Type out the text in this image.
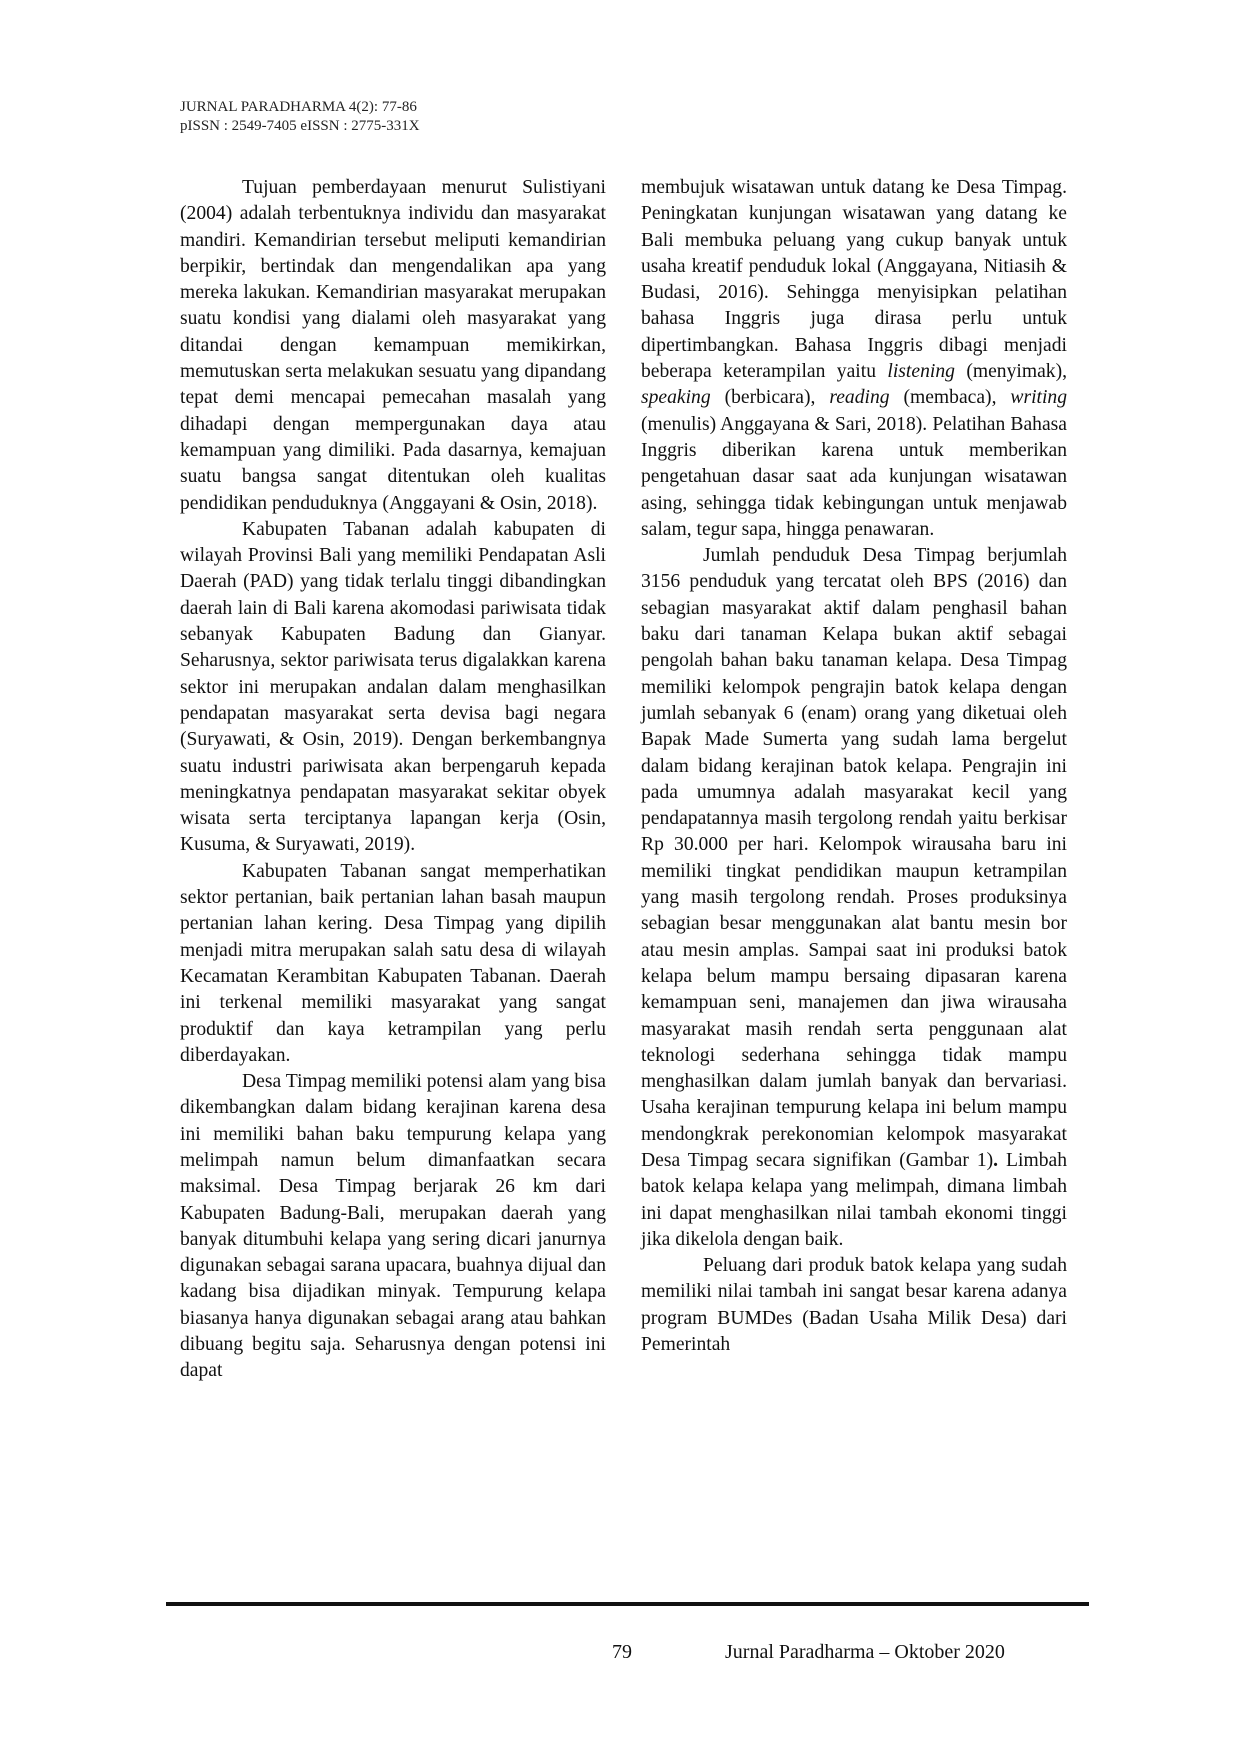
JURNAL PARADHARMA 4(2): 77-86
pISSN : 2549-7405 eISSN : 2775-331X

Tujuan pemberdayaan menurut Sulistiyani (2004) adalah terbentuknya individu dan masyarakat mandiri. Kemandirian tersebut meliputi kemandirian berpikir, bertindak dan mengendalikan apa yang mereka lakukan. Kemandirian masyarakat merupakan suatu kondisi yang dialami oleh masyarakat yang ditandai dengan kemampuan memikirkan, memutuskan serta melakukan sesuatu yang dipandang tepat demi mencapai pemecahan masalah yang dihadapi dengan mempergunakan daya atau kemampuan yang dimiliki. Pada dasarnya, kemajuan suatu bangsa sangat ditentukan oleh kualitas pendidikan penduduknya (Anggayani & Osin, 2018).

Kabupaten Tabanan adalah kabupaten di wilayah Provinsi Bali yang memiliki Pendapatan Asli Daerah (PAD) yang tidak terlalu tinggi dibandingkan daerah lain di Bali karena akomodasi pariwisata tidak sebanyak Kabupaten Badung dan Gianyar. Seharusnya, sektor pariwisata terus digalakkan karena sektor ini merupakan andalan dalam menghasilkan pendapatan masyarakat serta devisa bagi negara (Suryawati, & Osin, 2019). Dengan berkembangnya suatu industri pariwisata akan berpengaruh kepada meningkatnya pendapatan masyarakat sekitar obyek wisata serta terciptanya lapangan kerja (Osin, Kusuma, & Suryawati, 2019).

Kabupaten Tabanan sangat memperhatikan sektor pertanian, baik pertanian lahan basah maupun pertanian lahan kering. Desa Timpag yang dipilih menjadi mitra merupakan salah satu desa di wilayah Kecamatan Kerambitan Kabupaten Tabanan. Daerah ini terkenal memiliki masyarakat yang sangat produktif dan kaya ketrampilan yang perlu diberdayakan.

Desa Timpag memiliki potensi alam yang bisa dikembangkan dalam bidang kerajinan karena desa ini memiliki bahan baku tempurung kelapa yang melimpah namun belum dimanfaatkan secara maksimal. Desa Timpag berjarak 26 km dari Kabupaten Badung-Bali, merupakan daerah yang banyak ditumbuhi kelapa yang sering dicari janurnya digunakan sebagai sarana upacara, buahnya dijual dan kadang bisa dijadikan minyak. Tempurung kelapa biasanya hanya digunakan sebagai arang atau bahkan dibuang begitu saja. Seharusnya dengan potensi ini dapat

membujuk wisatawan untuk datang ke Desa Timpag. Peningkatan kunjungan wisatawan yang datang ke Bali membuka peluang yang cukup banyak untuk usaha kreatif penduduk lokal (Anggayana, Nitiasih & Budasi, 2016). Sehingga menyisipkan pelatihan bahasa Inggris juga dirasa perlu untuk dipertimbangkan. Bahasa Inggris dibagi menjadi beberapa keterampilan yaitu listening (menyimak), speaking (berbicara), reading (membaca), writing (menulis) Anggayana & Sari, 2018). Pelatihan Bahasa Inggris diberikan karena untuk memberikan pengetahuan dasar saat ada kunjungan wisatawan asing, sehingga tidak kebingungan untuk menjawab salam, tegur sapa, hingga penawaran.

Jumlah penduduk Desa Timpag berjumlah 3156 penduduk yang tercatat oleh BPS (2016) dan sebagian masyarakat aktif dalam penghasil bahan baku dari tanaman Kelapa bukan aktif sebagai pengolah bahan baku tanaman kelapa. Desa Timpag memiliki kelompok pengrajin batok kelapa dengan jumlah sebanyak 6 (enam) orang yang diketuai oleh Bapak Made Sumerta yang sudah lama bergelut dalam bidang kerajinan batok kelapa. Pengrajin ini pada umumnya adalah masyarakat kecil yang pendapatannya masih tergolong rendah yaitu berkisar Rp 30.000 per hari. Kelompok wirausaha baru ini memiliki tingkat pendidikan maupun ketrampilan yang masih tergolong rendah. Proses produksinya sebagian besar menggunakan alat bantu mesin bor atau mesin amplas. Sampai saat ini produksi batok kelapa belum mampu bersaing dipasaran karena kemampuan seni, manajemen dan jiwa wirausaha masyarakat masih rendah serta penggunaan alat teknologi sederhana sehingga tidak mampu menghasilkan dalam jumlah banyak dan bervariasi. Usaha kerajinan tempurung kelapa ini belum mampu mendongkrak perekonomian kelompok masyarakat Desa Timpag secara signifikan (Gambar 1). Limbah batok kelapa kelapa yang melimpah, dimana limbah ini dapat menghasilkan nilai tambah ekonomi tinggi jika dikelola dengan baik.

Peluang dari produk batok kelapa yang sudah memiliki nilai tambah ini sangat besar karena adanya program BUMDes (Badan Usaha Milik Desa) dari Pemerintah

79	Jurnal Paradharma – Oktober 2020
